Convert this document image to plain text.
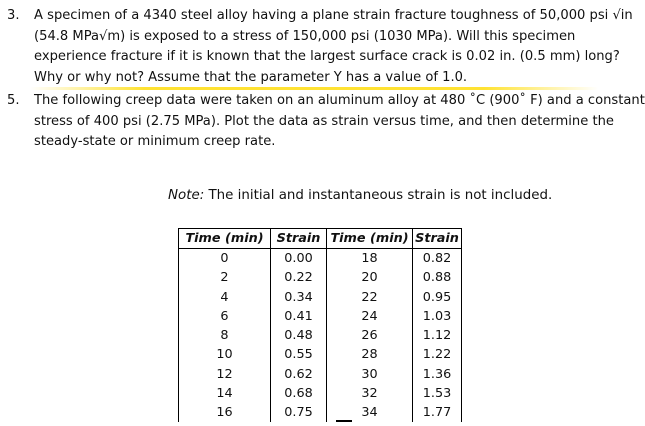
3.	A specimen of a 4340 steel alloy having a plane strain fracture toughness of 50,000 psi √in
(54.8 MPa√m) is exposed to a stress of 150,000 psi (1030 MPa). Will this specimen
experience fracture if it is known that the largest surface crack is 0.02 in. (0.5 mm) long?
Why or why not? Assume that the parameter Y has a value of 1.0.
5.	The following creep data were taken on an aluminum alloy at 480 ˚C (900˚ F) and a constant
stress of 400 psi (2.75 MPa). Plot the data as strain versus time, and then determine the
steady-state or minimum creep rate.
Note: The initial and instantaneous strain is not included.
Time (min)	Strain	Time (min)	Strain
0	0.00	18	0.82
2	0.22	20	0.88
4	0.34	22	0.95
6	0.41	24	1.03
8	0.48	26	1.12
10	0.55	28	1.22
12	0.62	30	1.36
14	0.68	32	1.53
16	0.75	34	1.77
